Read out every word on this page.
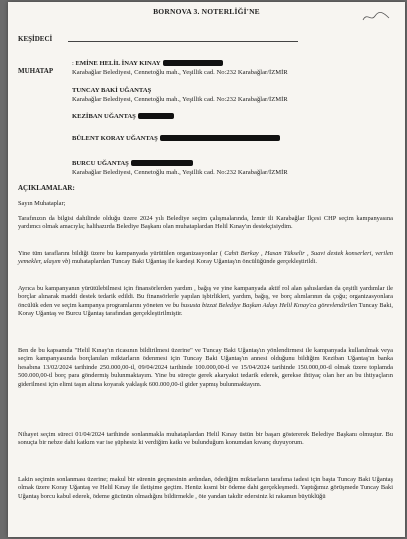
BORNOVA 3. NOTERLİĞİ'NE
KEŞİDECİ
MUHATAP
: EMİNE HELİL İNAY KINAY
Karabağlar Belediyesi, Cennetoğlu mah., Yeşillik cad. No:232 Karabağlar/İZMİR
TUNCAY BAKİ UĞANTAŞ
Karabağlar Belediyesi, Cennetoğlu mah., Yeşillik cad. No:232 Karabağlar/İZMİR
KEZİBAN UĞANTAŞ
BÜLENT KORAY UĞANTAŞ
BURCU UĞANTAŞ
Karabağlar Belediyesi, Cennetoğlu mah., Yeşillik cad. No:232 Karabağlar/İZMİR
AÇIKLAMALAR:
Sayın Muhataplar;
Tarafınızın da bilgisi dahilinde olduğu üzere 2024 yılı Belediye seçim çalışmalarında, İzmir ili Karabağlar İlçesi CHP seçim kampanyasına yardımcı olmak amacıyla; halihazırda Belediye Başkanı olan muhataplardan Helil Kınay'ın destekçisiydim.
Yine tüm taraflarını bildiği üzere bu kampanyada yürütülen organizasyonlar ( Cahit Berkay , Hasan Yükselir , Suavi destek konserleri, verilen yemekler, ulaşım vb) muhataplardan Tuncay Baki Uğantaş ile kardeşi Koray Uğantaş'ın öncülüğünde gerçekleştirildi.
Ayrıca bu kampanyanın yürütülebilmesi için finansörlerden yardım , bağış ve yine kampanyada aktif rol alan şahıslardan da çeşitli yardımlar ile borçlar alınarak maddi destek tedarik edildi. Bu finansörlerle yapılan işbirlikleri, yardım, bağış, ve borç alımlarının da çoğu; organizasyonlara öncülük eden ve seçim kampanya programlarını yöneten ve bu hususta bizzat Belediye Başkan Adayı Helil Kınay'ca görevlendirilen Tuncay Baki, Koray Uğantaş ve Burcu Uğantaş tarafından gerçekleştirilmiştir.
Ben de bu kapsamda "Helil Kınay'ın ricasının bildirilmesi üzerine" ve Tuncay Baki Uğantaş'ın yönlendirmesi ile kampanyada kullanılmak veya seçim kampanyasında borçlanılan miktarların ödenmesi için Tuncay Baki Uğantaş'ın annesi olduğunu bildiğim Keziban Uğantaş'ın banka hesabına 13/02/2024 tarihinde 250.000,00-tl, 09/04/2024 tarihinde 100.000,00-tl ve 15/04/2024 tarihinde 150.000,00-tl olmak üzere toplamda 500.000,00-tl borç para göndermiş bulunmaktayım. Yine bu süreçte gerek akaryakıt tedarik ederek, gerekse ihtiyaç olan her an bu ihtiyaçların giderilmesi için elimi taşın altına koyarak yaklaşık 600.000,00-tl gider yapmış bulunmaktayım.
Nihayet seçim süreci 01/04/2024 tarihinde sonlanmakla muhataplardan Helil Kınay üstün bir başarı göstererek Belediye Başkanı olmuştur. Bu sonuçta bir nebze dahi katkım var ise şüphesiz ki verdiğim katkı ve bulunduğum konumdan kıvanç duyuyorum.
Lakin seçimin sonlanması üzerine; makul bir sürenin geçmesinin ardından, ödediğim miktarların tarafıma iadesi için başta Tuncay Baki Uğantaş olmak üzere Koray Uğantaş ve Helil Kınay ile iletişime geçtim. Henüz kısmi bir ödeme dahi gerçekleşmedi. Yaptığımız görüşmede Tuncay Baki Uğantaş borcu kabul ederek, ödeme gücünün olmadığını bildirmekle , öte yandan takdir edersiniz ki rakamın büyüklüğü
